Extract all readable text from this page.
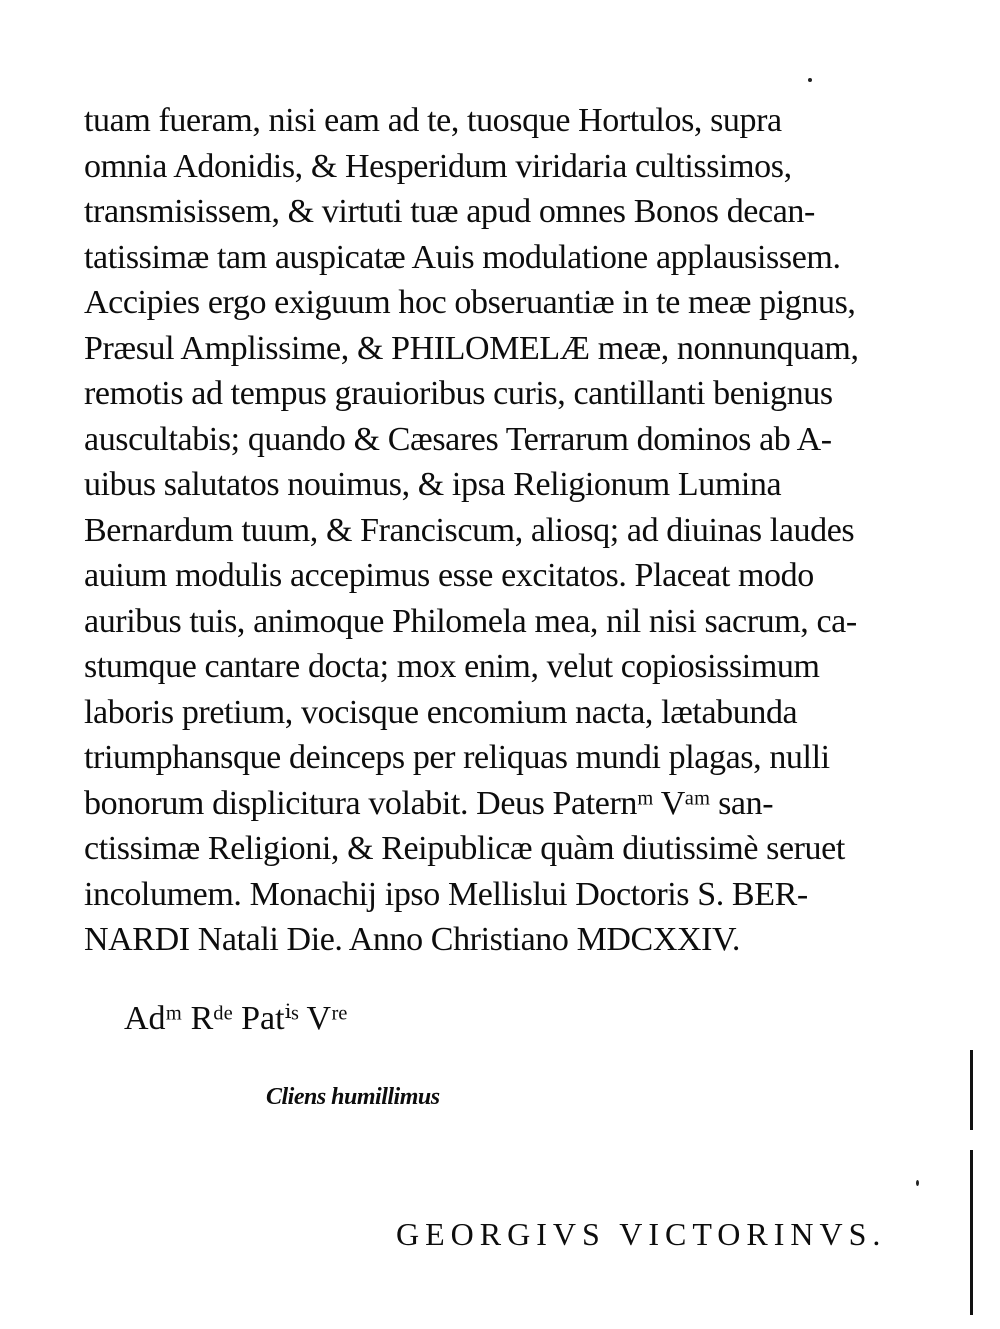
tuam fueram, nisi eam ad te, tuosque Hortulos, supra
omnia Adonidis, & Hesperidum viridaria cultissimos,
transmisissem, & virtuti tuæ apud omnes Bonos decan-
tatissimæ tam auspicatæ Auis modulatione applausissem.
Accipies ergo exiguum hoc obseruantiæ in te meæ pignus,
Præsul Amplissime, & PHILOMELÆ meæ, nonnunquam,
remotis ad tempus grauioribus curis, cantillanti benignus
auscultabis; quando & Cæsares Terrarum dominos ab A-
uibus salutatos nouimus, & ipsa Religionum Lumina
Bernardum tuum, & Franciscum, aliosq; ad diuinas laudes
auium modulis accepimus esse excitatos. Placeat modo
auribus tuis, animoque Philomela mea, nil nisi sacrum, ca-
stumque cantare docta; mox enim, velut copiosissimum
laboris pretium, vocisque encomium nacta, lætabunda
triumphansque deinceps per reliquas mundi plagas, nulli
bonorum displicitura volabit. Deus Paternᵐ Vᵃᵐ san-
ctissimæ Religioni, & Reipublicæ quàm diutissimè seruet
incolumem. Monachij ipso Mellislui Doctoris S. BER-
NARDI Natali Die. Anno Christiano MDCXXIV.
Adᵐ Rᵈᵉ Patⁱˢ Vʳᵉ
Cliens humillimus
GEORGIVS VICTORINVS.
